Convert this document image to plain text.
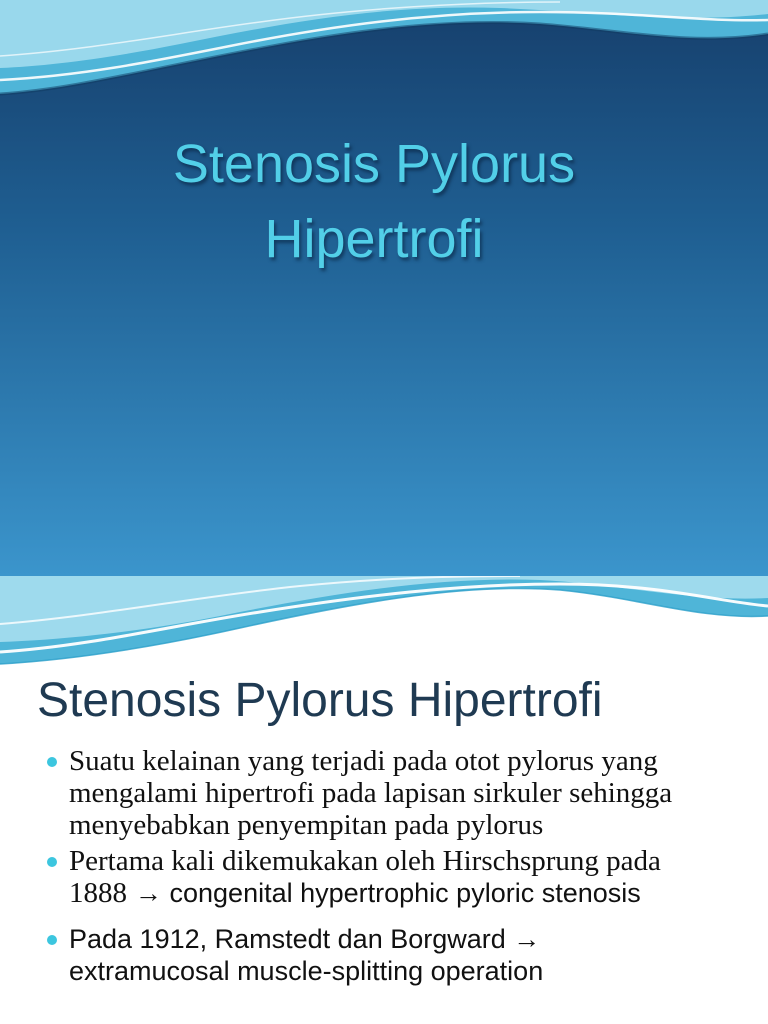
Stenosis Pylorus
Hipertrofi
Stenosis Pylorus Hipertrofi
Suatu kelainan yang terjadi pada otot pylorus yang
mengalami hipertrofi pada lapisan sirkuler sehingga
menyebabkan penyempitan pada pylorus
Pertama kali dikemukakan oleh Hirschsprung pada
1888 → congenital hypertrophic pyloric stenosis
Pada 1912, Ramstedt dan Borgward →
extramucosal muscle-splitting operation
